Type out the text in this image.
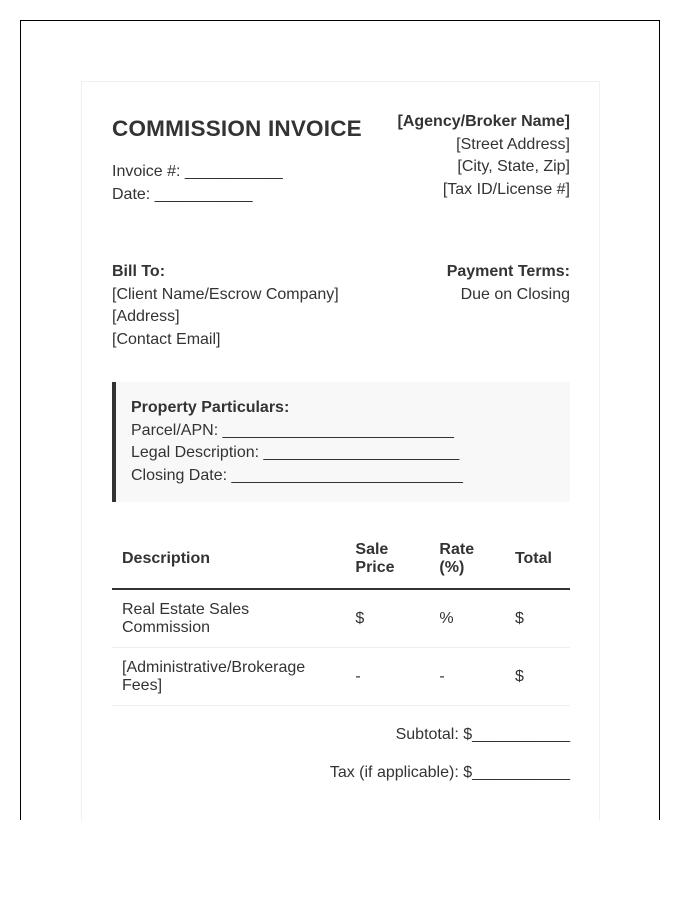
COMMISSION INVOICE
Invoice #: ___________
Date: ___________
[Agency/Broker Name]
[Street Address]
[City, State, Zip]
[Tax ID/License #]
Bill To:
[Client Name/Escrow Company]
[Address]
[Contact Email]
Payment Terms:
Due on Closing
Property Particulars:
Parcel/APN: __________________________
Legal Description: ______________________
Closing Date: __________________________
Description	Sale Price	Rate (%)	Total
Real Estate Sales Commission	$	%	$
[Administrative/Brokerage Fees]	-	-	$
Subtotal: $___________
Tax (if applicable): $___________
